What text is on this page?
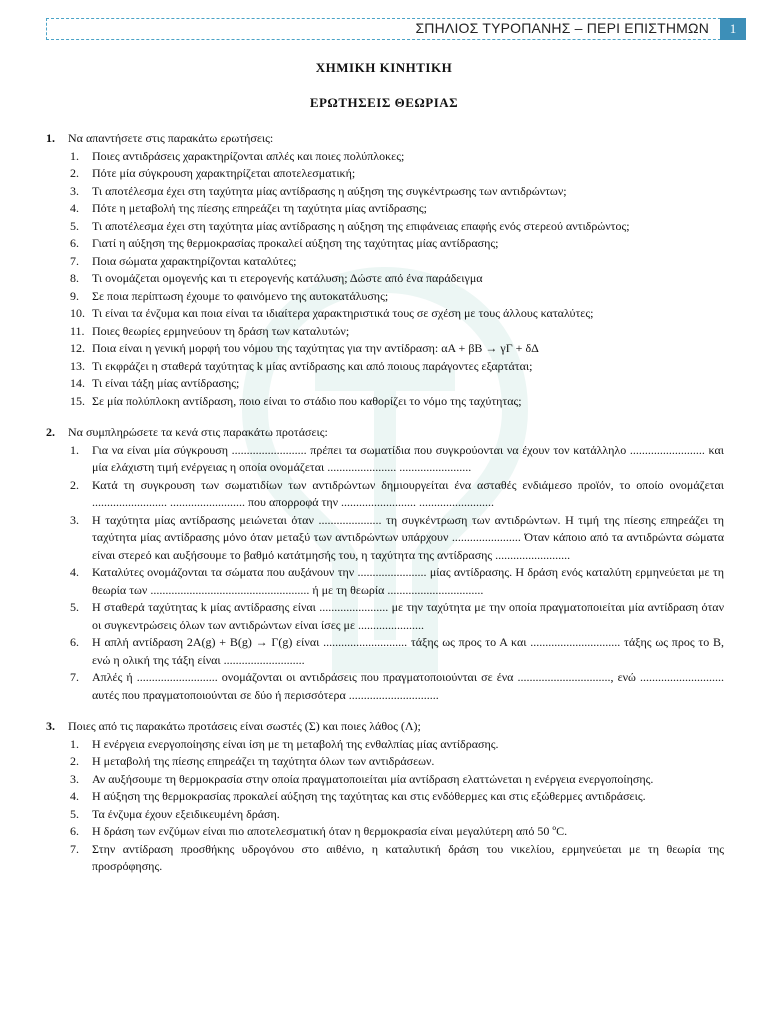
ΣΠΗΛΙΟΣ ΤΥΡΟΠΑΝΗΣ – ΠΕΡΙ ΕΠΙΣΤΗΜΩΝ	1
ΧΗΜΙΚΗ ΚΙΝΗΤΙΚΗ
ΕΡΩΤΗΣΕΙΣ ΘΕΩΡΙΑΣ
1.	Να απαντήσετε στις παρακάτω ερωτήσεις:
1.	Ποιες αντιδράσεις χαρακτηρίζονται απλές και ποιες πολύπλοκες;
2.	Πότε μία σύγκρουση χαρακτηρίζεται αποτελεσματική;
3.	Τι αποτέλεσμα έχει στη ταχύτητα μίας αντίδρασης η αύξηση της συγκέντρωσης των αντιδρώντων;
4.	Πότε η μεταβολή της πίεσης επηρεάζει τη ταχύτητα μίας αντίδρασης;
5.	Τι αποτέλεσμα έχει στη ταχύτητα μίας αντίδρασης η αύξηση της επιφάνειας επαφής ενός στερεού αντιδρώντος;
6.	Γιατί η αύξηση της θερμοκρασίας προκαλεί αύξηση της ταχύτητας μίας αντίδρασης;
7.	Ποια σώματα χαρακτηρίζονται καταλύτες;
8.	Τι ονομάζεται ομογενής και τι ετερογενής κατάλυση; Δώστε από ένα παράδειγμα
9.	Σε ποια περίπτωση έχουμε το φαινόμενο της αυτοκατάλυσης;
10. Τι είναι τα ένζυμα και ποια είναι τα ιδιαίτερα χαρακτηριστικά τους σε σχέση με τους άλλους καταλύτες;
11. Ποιες θεωρίες ερμηνεύουν τη δράση των καταλυτών;
12. Ποια είναι η γενική μορφή του νόμου της ταχύτητας για την αντίδραση: αΑ + βΒ → γΓ + δΔ
13. Τι εκφράζει η σταθερά ταχύτητας k μίας αντίδρασης και από ποιους παράγοντες εξαρτάται;
14. Τι είναι τάξη μίας αντίδρασης;
15. Σε μία πολύπλοκη αντίδραση, ποιο είναι το στάδιο που καθορίζει το νόμο της ταχύτητας;
2.	Να συμπληρώσετε τα κενά στις παρακάτω προτάσεις:
1.	Για να είναι μία σύγκρουση ......................... πρέπει τα σωματίδια που συγκρούονται να έχουν τον κατάλληλο ......................... και μία ελάχιστη τιμή ενέργειας η οποία ονομάζεται ....................... ........................
2.	Κατά τη συγκρουση των σωματιδίων των αντιδρώντων δημιουργείται ένα ασταθές ενδιάμεσο προϊόν, το οποίο ονομάζεται ......................... ......................... που απορροφά την ......................... .........................
3.	Η ταχύτητα μίας αντίδρασης μειώνεται όταν ..................... τη συγκέντρωση των αντιδρώντων. Η τιμή της πίεσης επηρεάζει τη ταχύτητα μίας αντίδρασης μόνο όταν μεταξύ των αντιδρώντων υπάρχουν ....................... Όταν κάποιο από τα αντιδρώντα σώματα είναι στερεό και αυξήσουμε το βαθμό κατάτμησής του, η ταχύτητα της αντίδρασης .........................
4.	Καταλύτες ονομάζονται τα σώματα που αυξάνουν την ....................... μίας αντίδρασης. Η δράση ενός καταλύτη ερμηνεύεται με τη θεωρία των ..................................................... ή με τη θεωρία ................................
5.	Η σταθερά ταχύτητας k μίας αντίδρασης είναι ....................... με την ταχύτητα με την οποία πραγματοποιείται μία αντίδραση όταν οι συγκεντρώσεις όλων των αντιδρώντων είναι ίσες με ......................
6.	Η απλή αντίδραση 2Α(g) + Β(g) → Γ(g) είναι ............................ τάξης ως προς το Α και .............................. τάξης ως προς το Β, ενώ η ολική της τάξη είναι ...........................
7.	Απλές ή ........................... ονομάζονται οι αντιδράσεις που πραγματοποιούνται σε ένα ..............................., ενώ ............................ αυτές που πραγματοποιούνται σε δύο ή περισσότερα ..............................
3.	Ποιες από τις παρακάτω προτάσεις είναι σωστές (Σ) και ποιες λάθος (Λ);
1.	Η ενέργεια ενεργοποίησης είναι ίση με τη μεταβολή της ενθαλπίας μίας αντίδρασης.
2.	Η μεταβολή της πίεσης επηρεάζει τη ταχύτητα όλων των αντιδράσεων.
3.	Αν αυξήσουμε τη θερμοκρασία στην οποία πραγματοποιείται μία αντίδραση ελαττώνεται η ενέργεια ενεργοποίησης.
4.	Η αύξηση της θερμοκρασίας προκαλεί αύξηση της ταχύτητας και στις ενδόθερμες και στις εξώθερμες αντιδράσεις.
5.	Τα ένζυμα έχουν εξειδικευμένη δράση.
6.	Η δράση των ενζύμων είναι πιο αποτελεσματική όταν η θερμοκρασία είναι μεγαλύτερη από 50 ºC.
7.	Στην αντίδραση προσθήκης υδρογόνου στο αιθένιο, η καταλυτική δράση του νικελίου, ερμηνεύεται με τη θεωρία της προσρόφησης.
